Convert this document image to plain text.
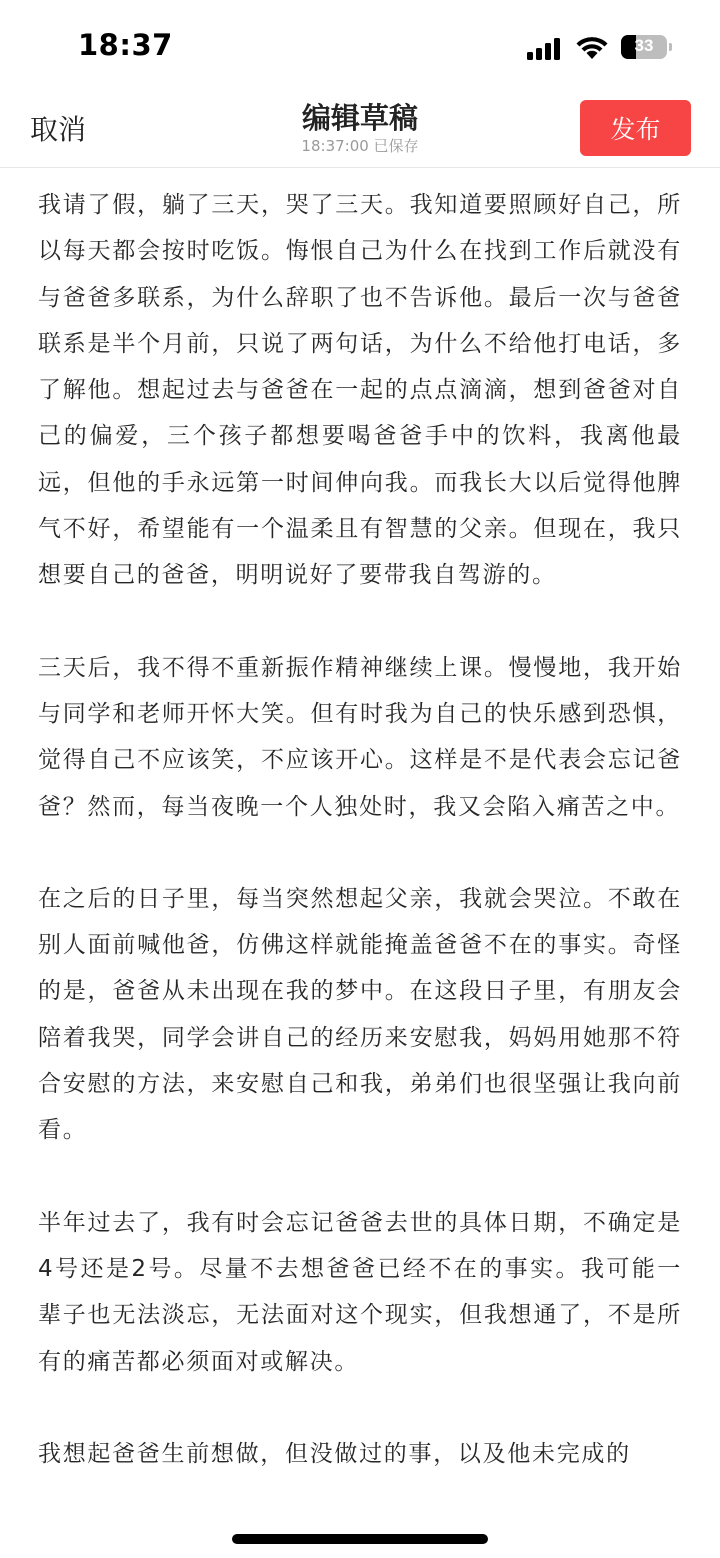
18:37	33
取消	编辑草稿
18:37:00 已保存
发布

我请了假，躺了三天，哭了三天。我知道要照顾好自己，所以每天都会按时吃饭。悔恨自己为什么在找到工作后就没有与爸爸多联系，为什么辞职了也不告诉他。最后一次与爸爸联系是半个月前，只说了两句话，为什么不给他打电话，多了解他。想起过去与爸爸在一起的点点滴滴，想到爸爸对自己的偏爱，三个孩子都想要喝爸爸手中的饮料，我离他最远，但他的手永远第一时间伸向我。而我长大以后觉得他脾气不好，希望能有一个温柔且有智慧的父亲。但现在，我只想要自己的爸爸，明明说好了要带我自驾游的。

三天后，我不得不重新振作精神继续上课。慢慢地，我开始与同学和老师开怀大笑。但有时我为自己的快乐感到恐惧，觉得自己不应该笑，不应该开心。这样是不是代表会忘记爸爸？然而，每当夜晚一个人独处时，我又会陷入痛苦之中。

在之后的日子里，每当突然想起父亲，我就会哭泣。不敢在别人面前喊他爸，仿佛这样就能掩盖爸爸不在的事实。奇怪的是，爸爸从未出现在我的梦中。在这段日子里，有朋友会陪着我哭，同学会讲自己的经历来安慰我，妈妈用她那不符合安慰的方法，来安慰自己和我，弟弟们也很坚强让我向前看。

半年过去了，我有时会忘记爸爸去世的具体日期，不确定是4号还是2号。尽量不去想爸爸已经不在的事实。我可能一辈子也无法淡忘，无法面对这个现实，但我想通了，不是所有的痛苦都必须面对或解决。

我想起爸爸生前想做，但没做过的事，以及他未完成的
